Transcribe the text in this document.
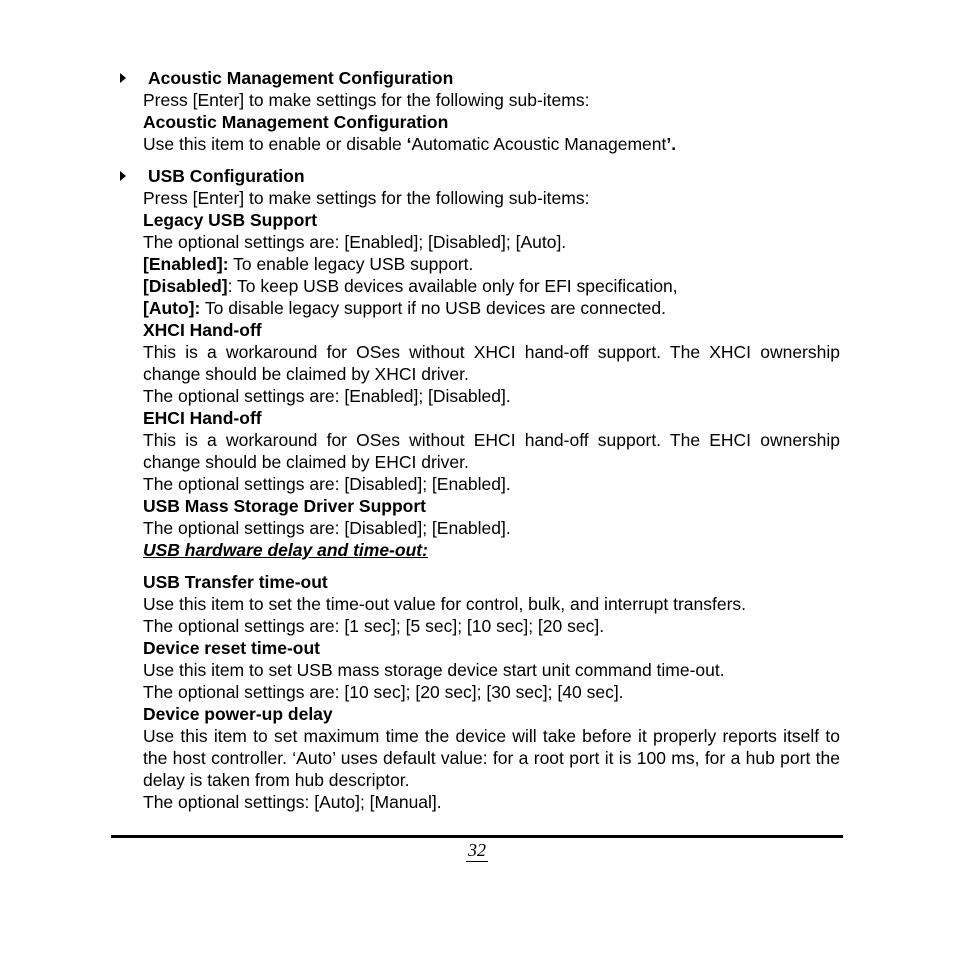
Acoustic Management Configuration
Press [Enter] to make settings for the following sub-items:
Acoustic Management Configuration
Use this item to enable or disable ‘Automatic Acoustic Management’.
USB Configuration
Press [Enter] to make settings for the following sub-items:
Legacy USB Support
The optional settings are: [Enabled]; [Disabled]; [Auto].
[Enabled]: To enable legacy USB support.
[Disabled]: To keep USB devices available only for EFI specification,
[Auto]: To disable legacy support if no USB devices are connected.
XHCI Hand-off
This is a workaround for OSes without XHCI hand-off support. The XHCI ownership change should be claimed by XHCI driver.
The optional settings are: [Enabled]; [Disabled].
EHCI Hand-off
This is a workaround for OSes without EHCI hand-off support. The EHCI ownership change should be claimed by EHCI driver.
The optional settings are: [Disabled]; [Enabled].
USB Mass Storage Driver Support
The optional settings are: [Disabled]; [Enabled].
USB hardware delay and time-out:
USB Transfer time-out
Use this item to set the time-out value for control, bulk, and interrupt transfers.
The optional settings are: [1 sec]; [5 sec]; [10 sec]; [20 sec].
Device reset time-out
Use this item to set USB mass storage device start unit command time-out.
The optional settings are: [10 sec]; [20 sec]; [30 sec]; [40 sec].
Device power-up delay
Use this item to set maximum time the device will take before it properly reports itself to the host controller. ‘Auto’ uses default value: for a root port it is 100 ms, for a hub port the delay is taken from hub descriptor.
The optional settings: [Auto]; [Manual].
32
